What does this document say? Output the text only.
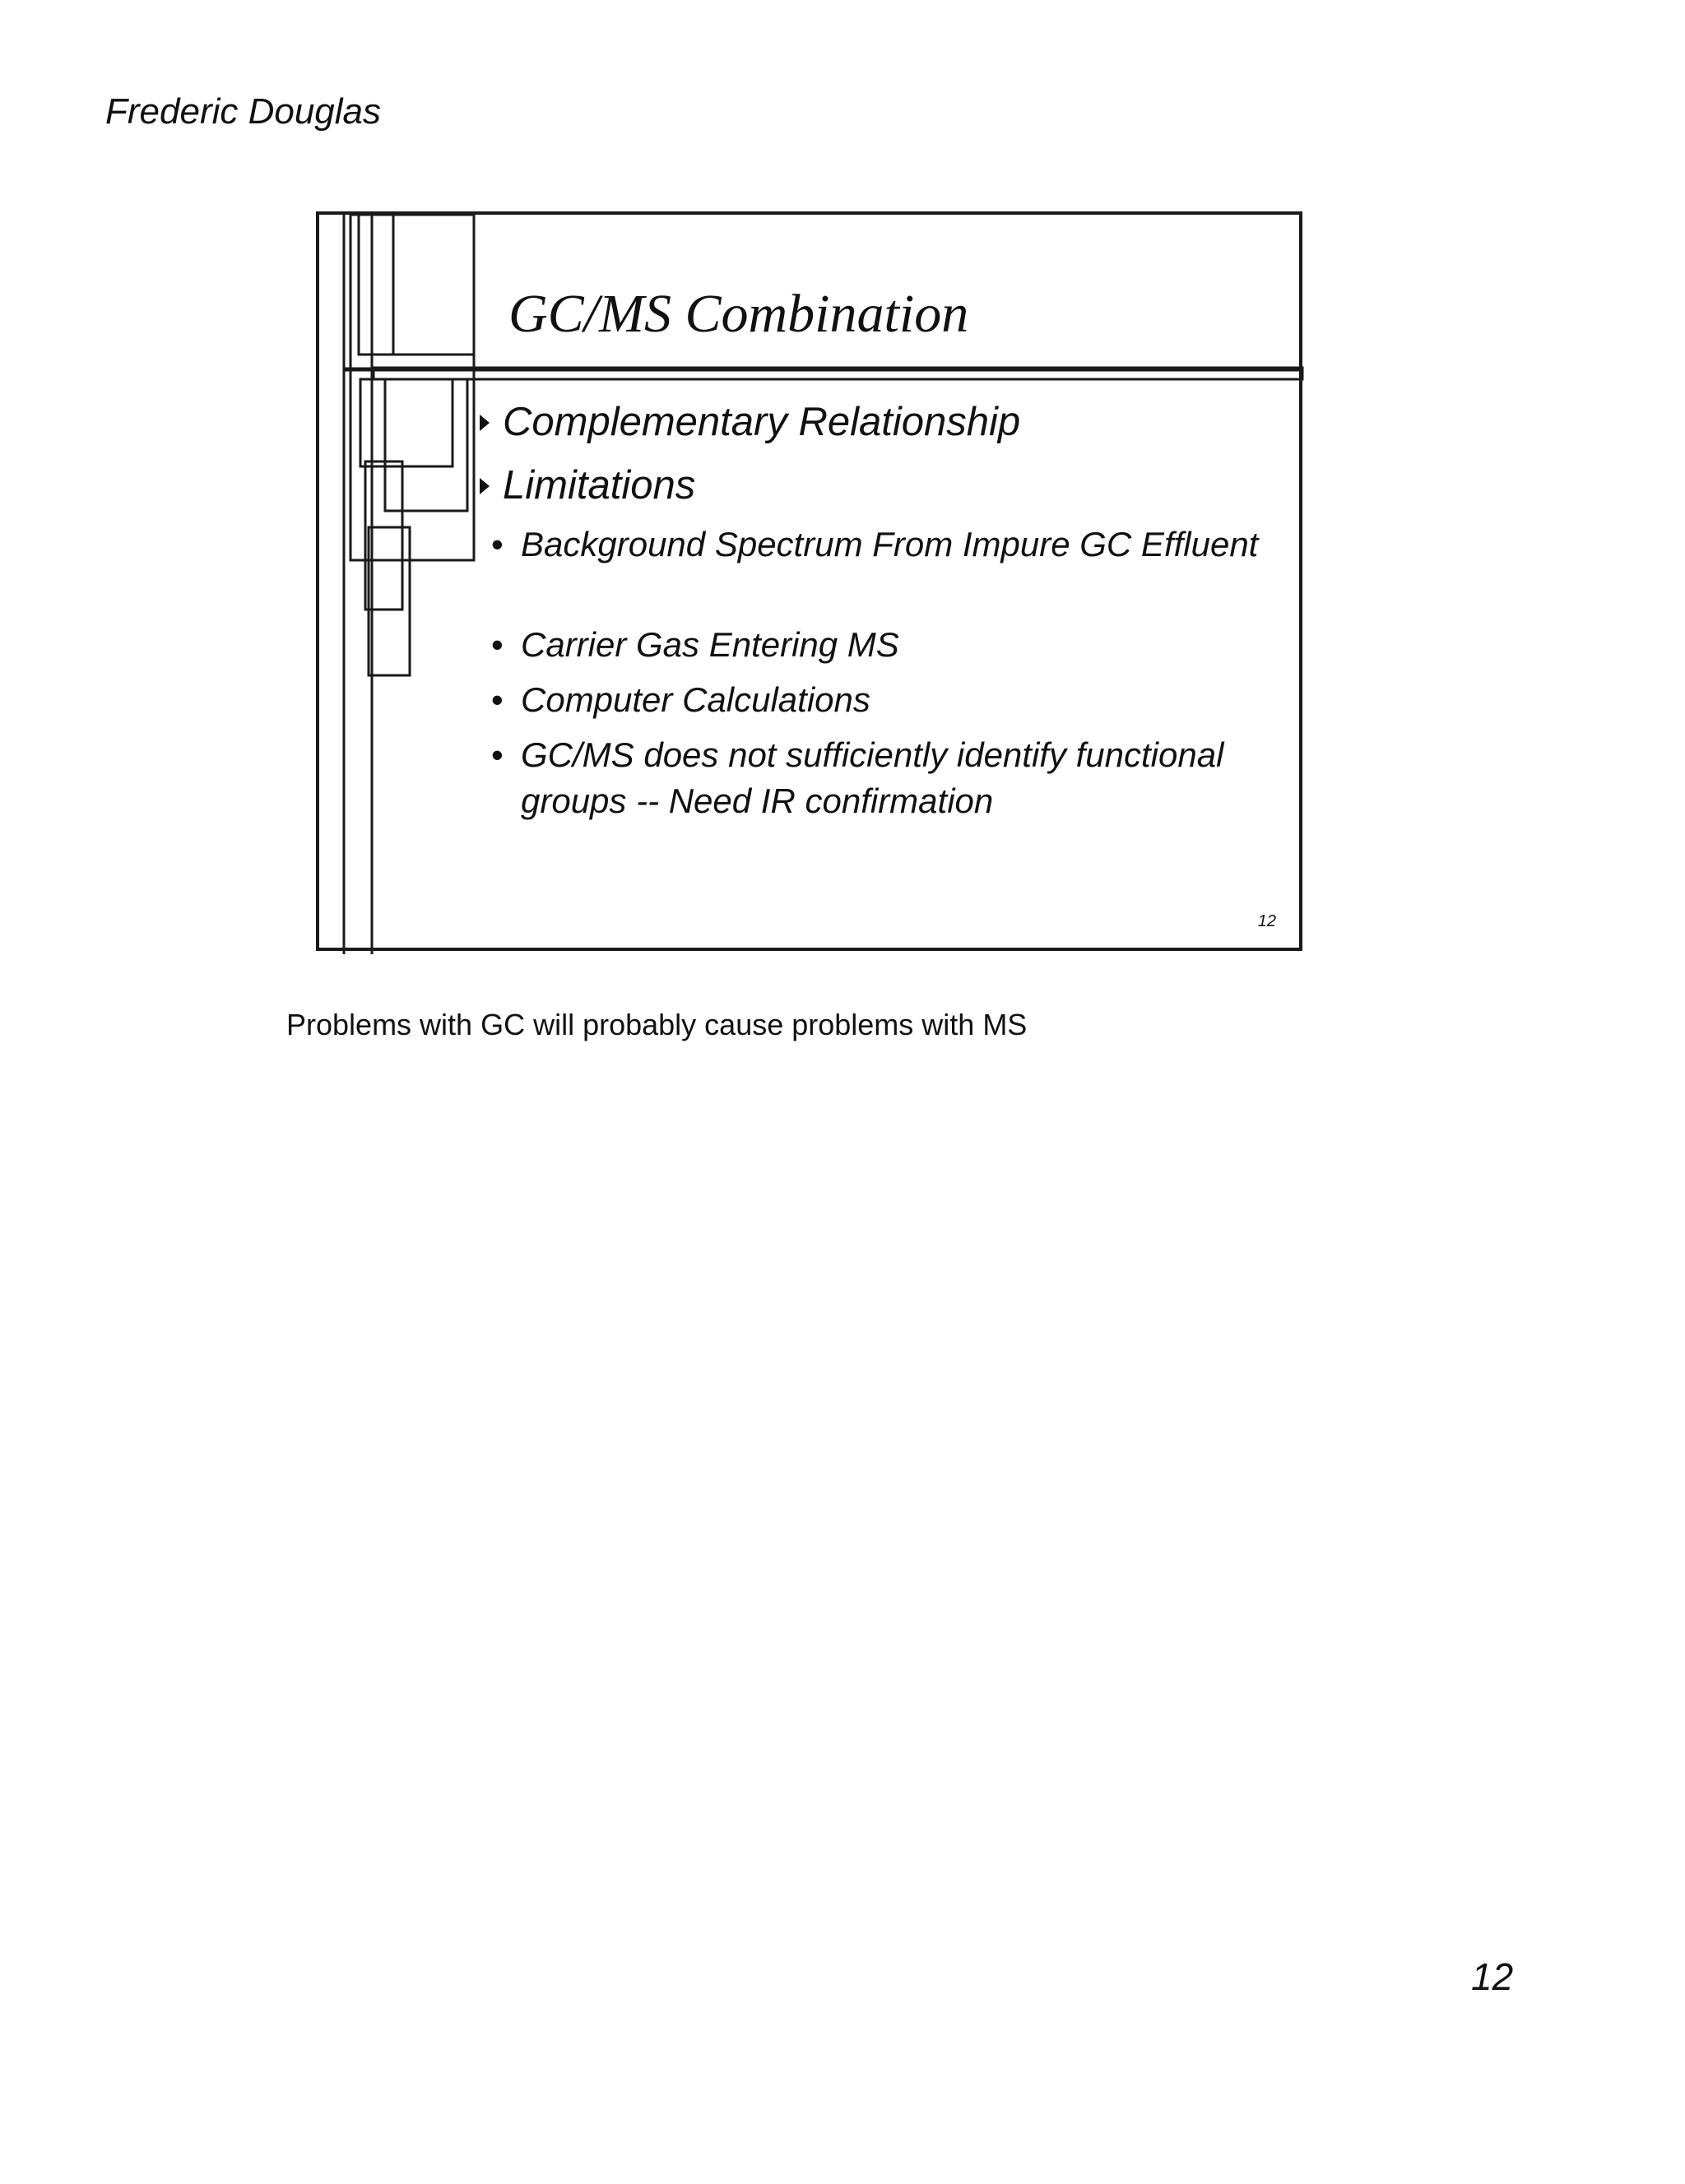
Frederic Douglas
GC/MS Combination
Complementary Relationship
Limitations
• Background Spectrum From Impure GC Effluent
• Carrier Gas Entering MS
• Computer Calculations
• GC/MS does not sufficiently identify functional groups -- Need IR confirmation
12
Problems with GC will probably cause problems with MS
12
